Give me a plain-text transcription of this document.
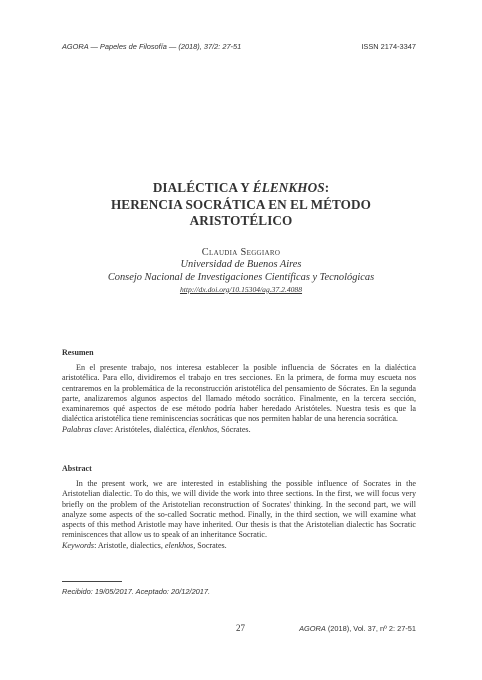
AGORA — Papeles de Filosofía — (2018), 37/2: 27-51	ISSN 2174-3347
DIALÉCTICA Y ÉLENKHOS:
HERENCIA SOCRÁTICA EN EL MÉTODO
ARISTOTÉLICO
Claudia Seggiaro
Universidad de Buenos Aires
Consejo Nacional de Investigaciones Científicas y Tecnológicas
http://dx.doi.org/10.15304/ag.37.2.4088
Resumen

En el presente trabajo, nos interesa establecer la posible influencia de Sócrates en la dialéctica aristotélica. Para ello, dividiremos el trabajo en tres secciones. En la primera, de forma muy escueta nos centraremos en la problemática de la reconstrucción aristotélica del pensamiento de Sócrates. En la segunda parte, analizaremos algunos aspectos del llamado método socrático. Finalmente, en la tercera sección, examinaremos qué aspectos de ese método podría haber heredado Aristóteles. Nuestra tesis es que la dialéctica aristotélica tiene reminiscencias socráticas que nos permiten hablar de una herencia socrática.

Palabras clave: Aristóteles, dialéctica, élenkhos, Sócrates.

Abstract

In the present work, we are interested in establishing the possible influence of Socrates in the Aristotelian dialectic. To do this, we will divide the work into three sections. In the first, we will focus very briefly on the problem of the Aristotelian reconstruction of Socrates' thinking. In the second part, we will analyze some aspects of the so-called Socratic method. Finally, in the third section, we will examine what aspects of this method Aristotle may have inherited. Our thesis is that the Aristotelian dialectic has Socratic reminiscences that allow us to speak of an inheritance Socratic.

Keywords: Aristotle, dialectics, elenkhos, Socrates.

Recibido: 19/05/2017. Aceptado: 20/12/2017.
27	AGORA (2018), Vol. 37, nº 2: 27-51
